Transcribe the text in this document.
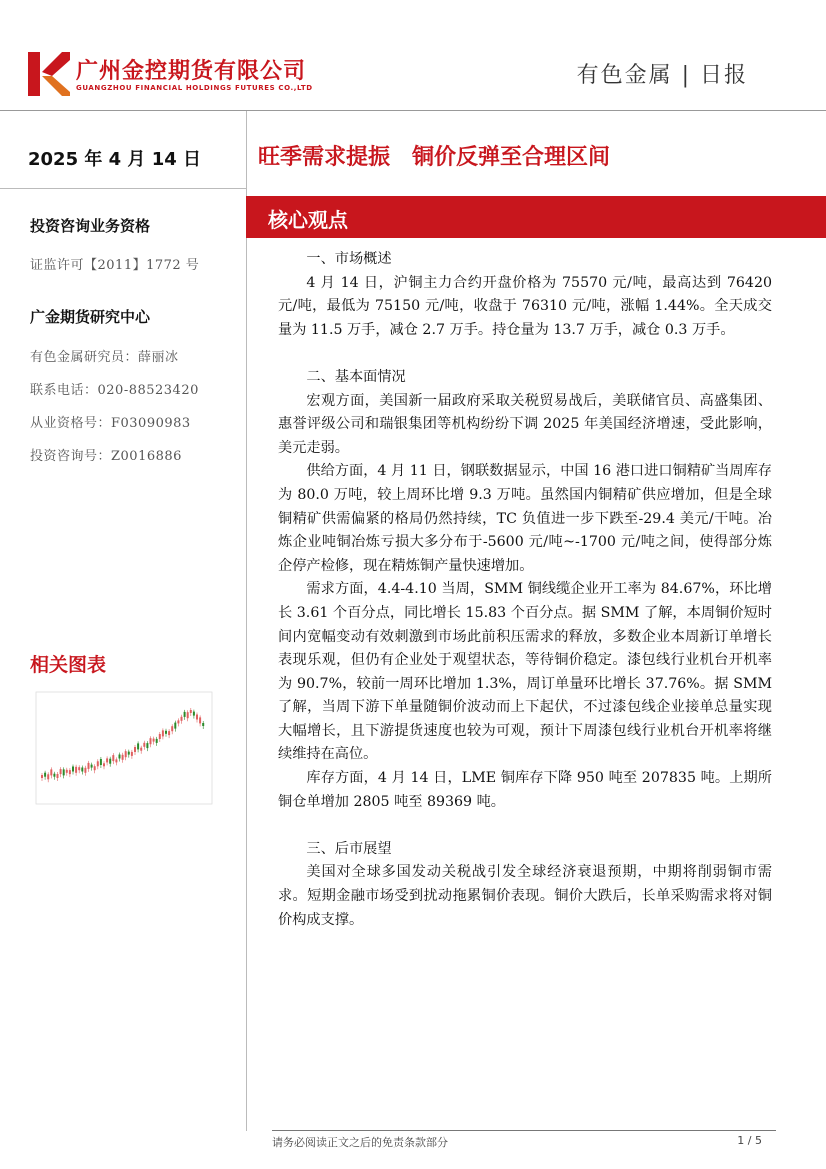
广州金控期货有限公司
GUANGZHOU FINANCIAL HOLDINGS FUTURES CO.,LTD	有色金属 | 日报
2025 年 4 月 14 日
投资咨询业务资格
证监许可【2011】1772 号
广金期货研究中心
有色金属研究员：薛丽冰
联系电话：020-88523420
从业资格号：F03090983
投资咨询号：Z0016886
相关图表
旺季需求提振　铜价反弹至合理区间
核心观点
一、市场概述

4 月 14 日，沪铜主力合约开盘价格为 75570 元/吨，最高达到 76420 元/吨，最低为 75150 元/吨，收盘于 76310 元/吨，涨幅 1.44%。全天成交量为 11.5 万手，减仓 2.7 万手。持仓量为 13.7 万手，减仓 0.3 万手。

二、基本面情况

宏观方面，美国新一届政府采取关税贸易战后，美联储官员、高盛集团、惠誉评级公司和瑞银集团等机构纷纷下调 2025 年美国经济增速，受此影响，美元走弱。

供给方面，4 月 11 日，钢联数据显示，中国 16 港口进口铜精矿当周库存为 80.0 万吨，较上周环比增 9.3 万吨。虽然国内铜精矿供应增加，但是全球铜精矿供需偏紧的格局仍然持续，TC 负值进一步下跌至-29.4 美元/干吨。冶炼企业吨铜冶炼亏损大多分布于-5600 元/吨~-1700 元/吨之间，使得部分炼企停产检修，现在精炼铜产量快速增加。

需求方面，4.4-4.10 当周，SMM 铜线缆企业开工率为 84.67%，环比增长 3.61 个百分点，同比增长 15.83 个百分点。据 SMM 了解，本周铜价短时间内宽幅变动有效刺激到市场此前积压需求的释放，多数企业本周新订单增长表现乐观，但仍有企业处于观望状态，等待铜价稳定。漆包线行业机台开机率为 90.7%，较前一周环比增加 1.3%，周订单量环比增长 37.76%。据 SMM 了解，当周下游下单量随铜价波动而上下起伏，不过漆包线企业接单总量实现大幅增长，且下游提货速度也较为可观，预计下周漆包线行业机台开机率将继续维持在高位。

库存方面，4 月 14 日，LME 铜库存下降 950 吨至 207835 吨。上期所铜仓单增加 2805 吨至 89369 吨。

三、后市展望

美国对全球多国发动关税战引发全球经济衰退预期，中期将削弱铜市需求。短期金融市场受到扰动拖累铜价表现。铜价大跌后，长单采购需求将对铜价构成支撑。

请务必阅读正文之后的免责条款部分	1 / 5
